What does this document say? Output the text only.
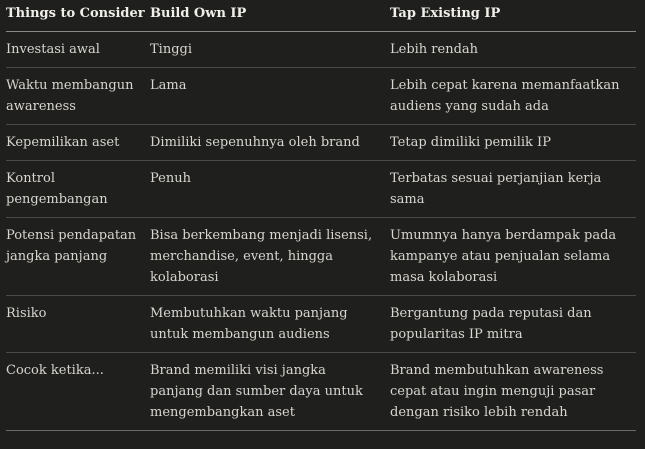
Things to Consider	Build Own IP	Tap Existing IP
Investasi awal	Tinggi	Lebih rendah
Waktu membangun awareness	Lama	Lebih cepat karena memanfaatkan audiens yang sudah ada
Kepemilikan aset	Dimiliki sepenuhnya oleh brand	Tetap dimiliki pemilik IP
Kontrol pengembangan	Penuh	Terbatas sesuai perjanjian kerja sama
Potensi pendapatan jangka panjang	Bisa berkembang menjadi lisensi, merchandise, event, hingga kolaborasi	Umumnya hanya berdampak pada kampanye atau penjualan selama masa kolaborasi
Risiko	Membutuhkan waktu panjang untuk membangun audiens	Bergantung pada reputasi dan popularitas IP mitra
Cocok ketika...	Brand memiliki visi jangka panjang dan sumber daya untuk mengembangkan aset	Brand membutuhkan awareness cepat atau ingin menguji pasar dengan risiko lebih rendah
